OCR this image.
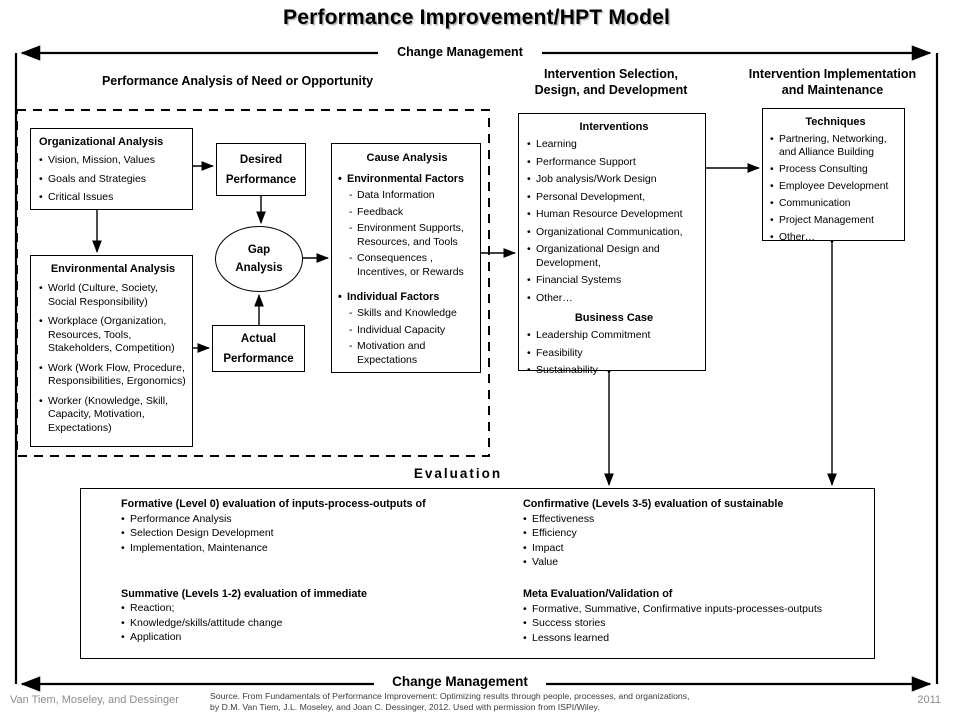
Performance Improvement/HPT Model
Change Management
Change Management
Performance Analysis of Need or Opportunity	Intervention Selection,
Design, and Development
Intervention Implementation
and Maintenance
Organizational Analysis
• Vision, Mission, Values
• Goals and Strategies
• Critical Issues
Desired
Performance
Gap
Analysis
Actual
Performance
Environmental Analysis
• World (Culture, Society, Social Responsibility)
• Workplace (Organization, Resources, Tools, Stakeholders, Competition)
• Work (Work Flow, Procedure, Responsibilities, Ergonomics)
• Worker (Knowledge, Skill, Capacity, Motivation, Expectations)
Cause Analysis
• Environmental Factors
- Data Information
- Feedback
- Environment Supports, Resources, and Tools
- Consequences , Incentives, or Rewards
• Individual Factors
- Skills and Knowledge
- Individual Capacity
- Motivation and Expectations
Interventions
• Learning
• Performance Support
• Job analysis/Work Design
• Personal Development,
• Human Resource Development
• Organizational Communication,
• Organizational Design and Development,
• Financial Systems
• Other…
Business Case
• Leadership Commitment
• Feasibility
• Sustainability
Techniques
• Partnering, Networking, and Alliance Building
• Process Consulting
• Employee Development
• Communication
• Project Management
• Other…
Evaluation
Formative (Level 0) evaluation of inputs-process-outputs of
• Performance Analysis
• Selection Design Development
• Implementation, Maintenance
Summative (Levels 1-2) evaluation of immediate
• Reaction;
• Knowledge/skills/attitude change
• Application
Confirmative (Levels 3-5) evaluation of sustainable
• Effectiveness
• Efficiency
• Impact
• Value
Meta Evaluation/Validation of
• Formative, Summative, Confirmative inputs-processes-outputs
• Success stories
• Lessons learned
Van Tiem, Moseley, and Dessinger	Source. From Fundamentals of Performance Improvement: Optimizing results through people, processes, and organizations,
by D.M. Van Tiem, J.L. Moseley, and Joan C. Dessinger, 2012. Used with permission from ISPI/Wiley.
2011
